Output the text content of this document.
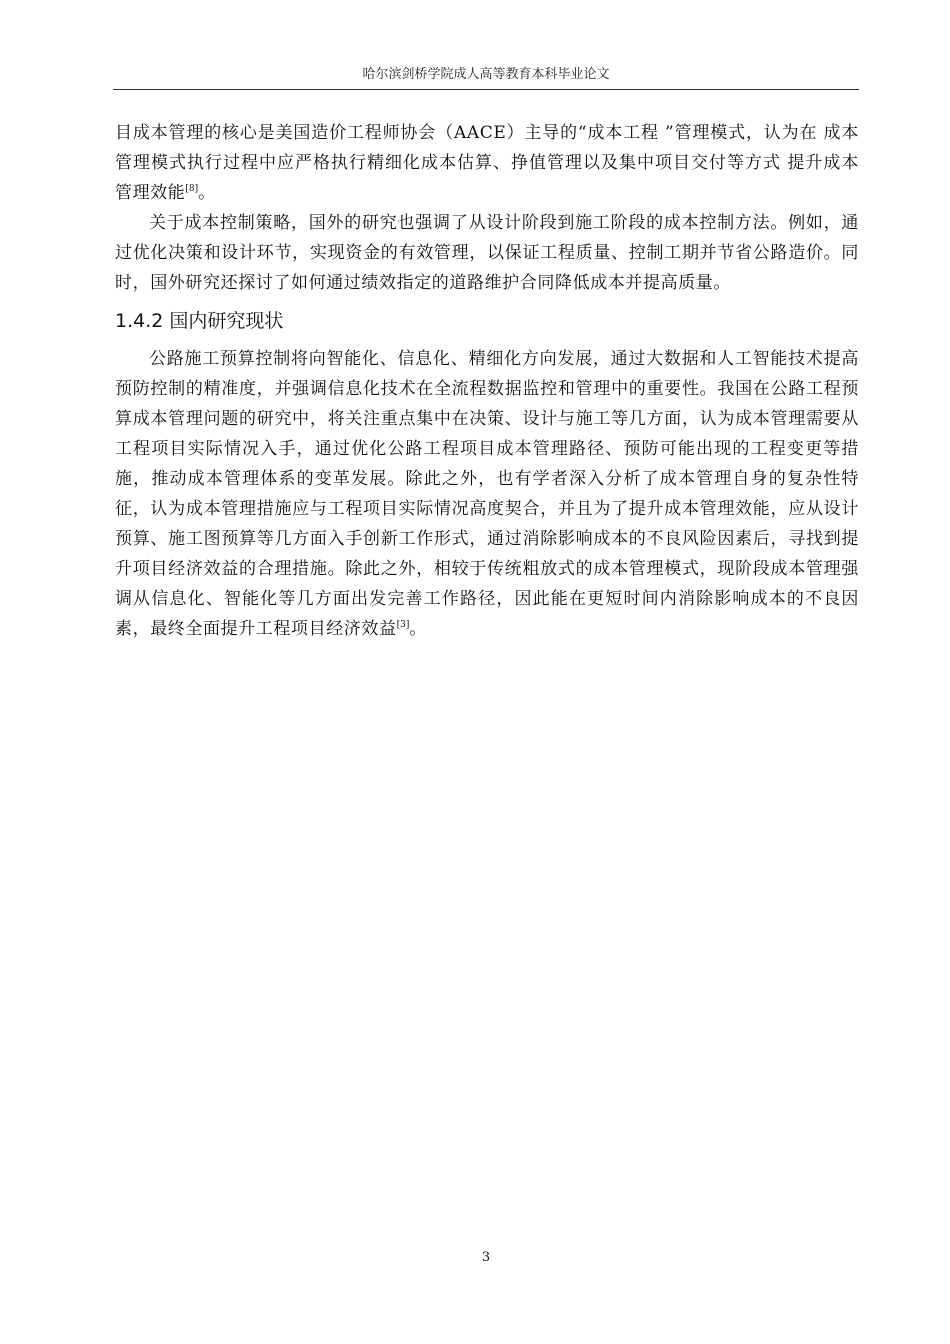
哈尔滨剑桥学院成人高等教育本科毕业论文

目成本管理的核心是美国造价工程师协会（AACE）主导的“成本工程 ”管理模式，认为在 成本管理模式执行过程中应严格执行精细化成本估算、挣值管理以及集中项目交付等方式 提升成本管理效能[8]。

关于成本控制策略，国外的研究也强调了从设计阶段到施工阶段的成本控制方法。例如，通过优化决策和设计环节，实现资金的有效管理，以保证工程质量、控制工期并节省公路造价。同时，国外研究还探讨了如何通过绩效指定的道路维护合同降低成本并提高质量。

1.4.2 国内研究现状

公路施工预算控制将向智能化、信息化、精细化方向发展，通过大数据和人工智能技术提高预防控制的精准度，并强调信息化技术在全流程数据监控和管理中的重要性。我国在公路工程预算成本管理问题的研究中，将关注重点集中在决策、设计与施工等几方面，认为成本管理需要从工程项目实际情况入手，通过优化公路工程项目成本管理路径、预防可能出现的工程变更等措施，推动成本管理体系的变革发展。除此之外，也有学者深入分析了成本管理自身的复杂性特征，认为成本管理措施应与工程项目实际情况高度契合，并且为了提升成本管理效能，应从设计预算、施工图预算等几方面入手创新工作形式，通过消除影响成本的不良风险因素后，寻找到提升项目经济效益的合理措施。除此之外，相较于传统粗放式的成本管理模式，现阶段成本管理强调从信息化、智能化等几方面出发完善工作路径，因此能在更短时间内消除影响成本的不良因素，最终全面提升工程项目经济效益[3]。

3
